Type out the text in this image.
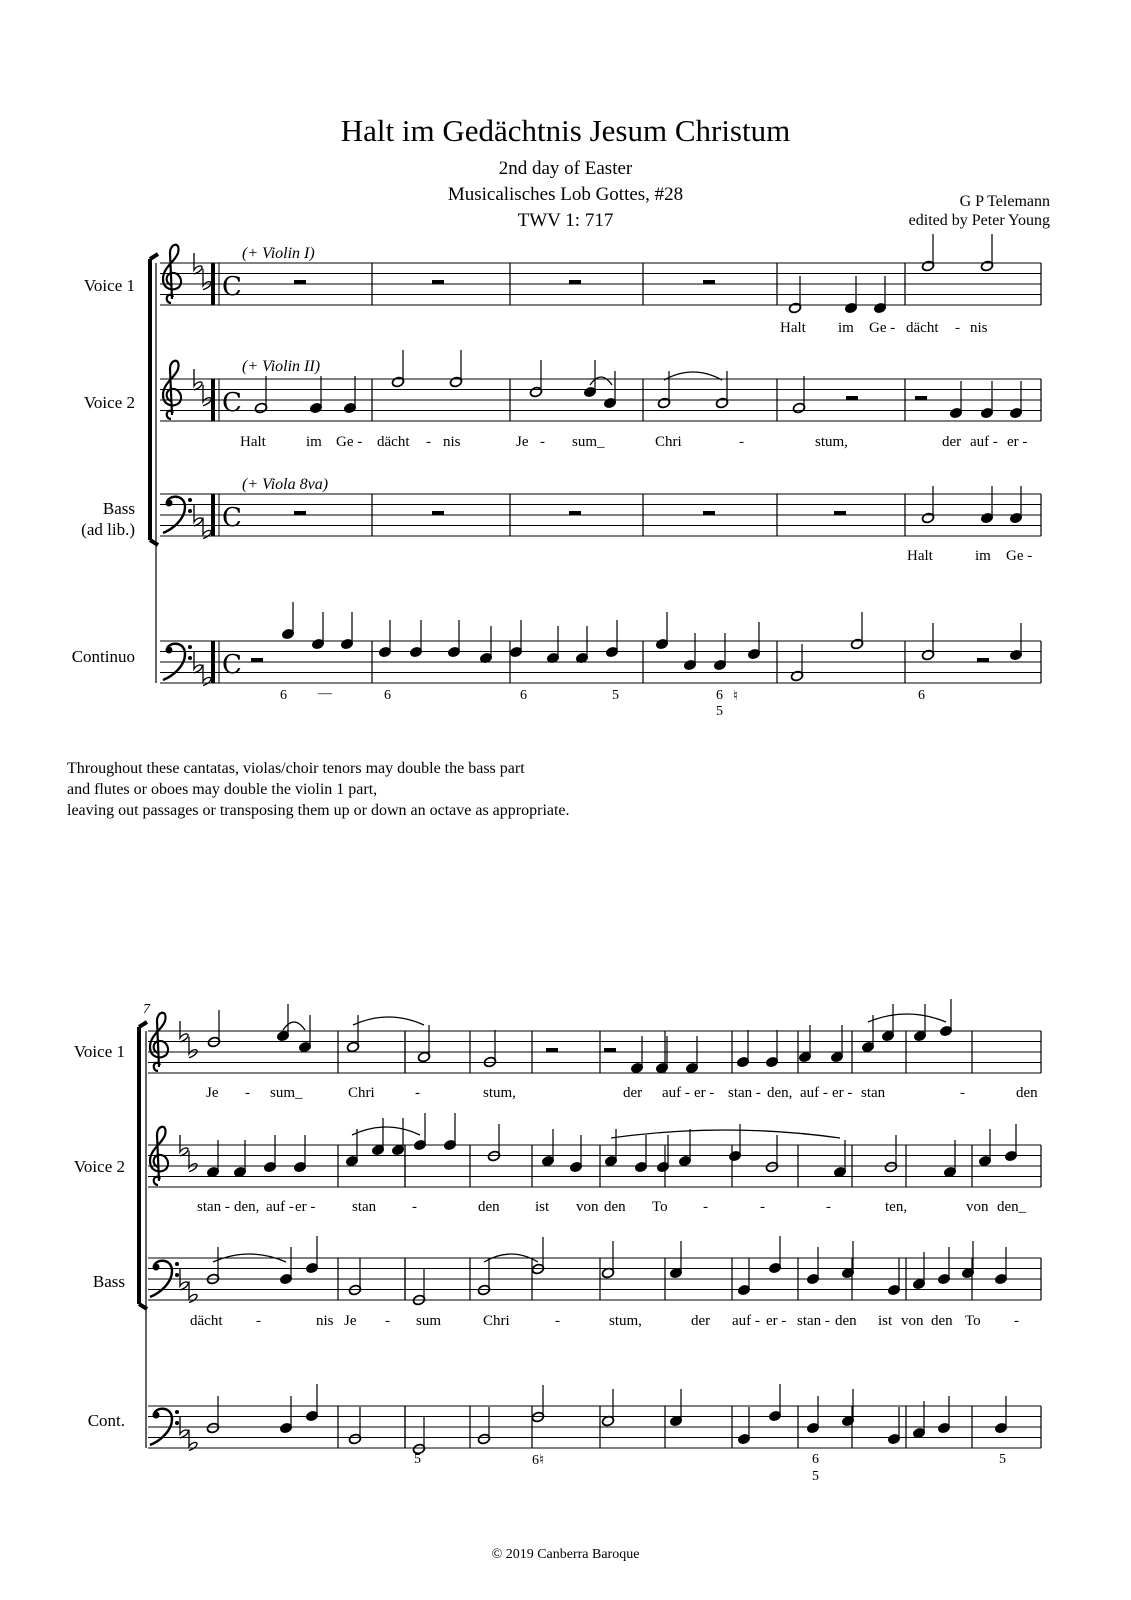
Halt im Gedächtnis Jesum Christum
2nd day of Easter
Musicalisches Lob Gottes, #28
TWV 1: 717
G P Telemann
edited by Peter Young
Voice 1
Voice 2
Bass
(ad lib.)
Continuo
(+ Violin I)
(+ Violin II)
(+ Viola 8va)
Halt im Ge - dächt - nis
Halt	im Ge - dächt - nis	Je - sum_	Chri	-	stum,	der auf - er -
Halt	im Ge -
6 —	6	6	5	6
5
♮	6
Throughout these cantatas, violas/choir tenors may double the bass part
and flutes or oboes may double the violin 1 part,
leaving out passages or transposing them up or down an octave as appropriate.
7
Voice 1
Voice 2
Bass
Cont.
Je - sum_	Chri	-	stum,	der auf - er - stan - den, auf - er - stan	-	den
stan - den, auf - er - stan -	den ist von den To -	-	-	ten,	von den_
dächt -	nis Je - sum	Chri	-	stum,	der auf - er - stan - den ist von den To -
5	6♮	6
5
5
© 2019 Canberra Baroque
C
C
C
C
